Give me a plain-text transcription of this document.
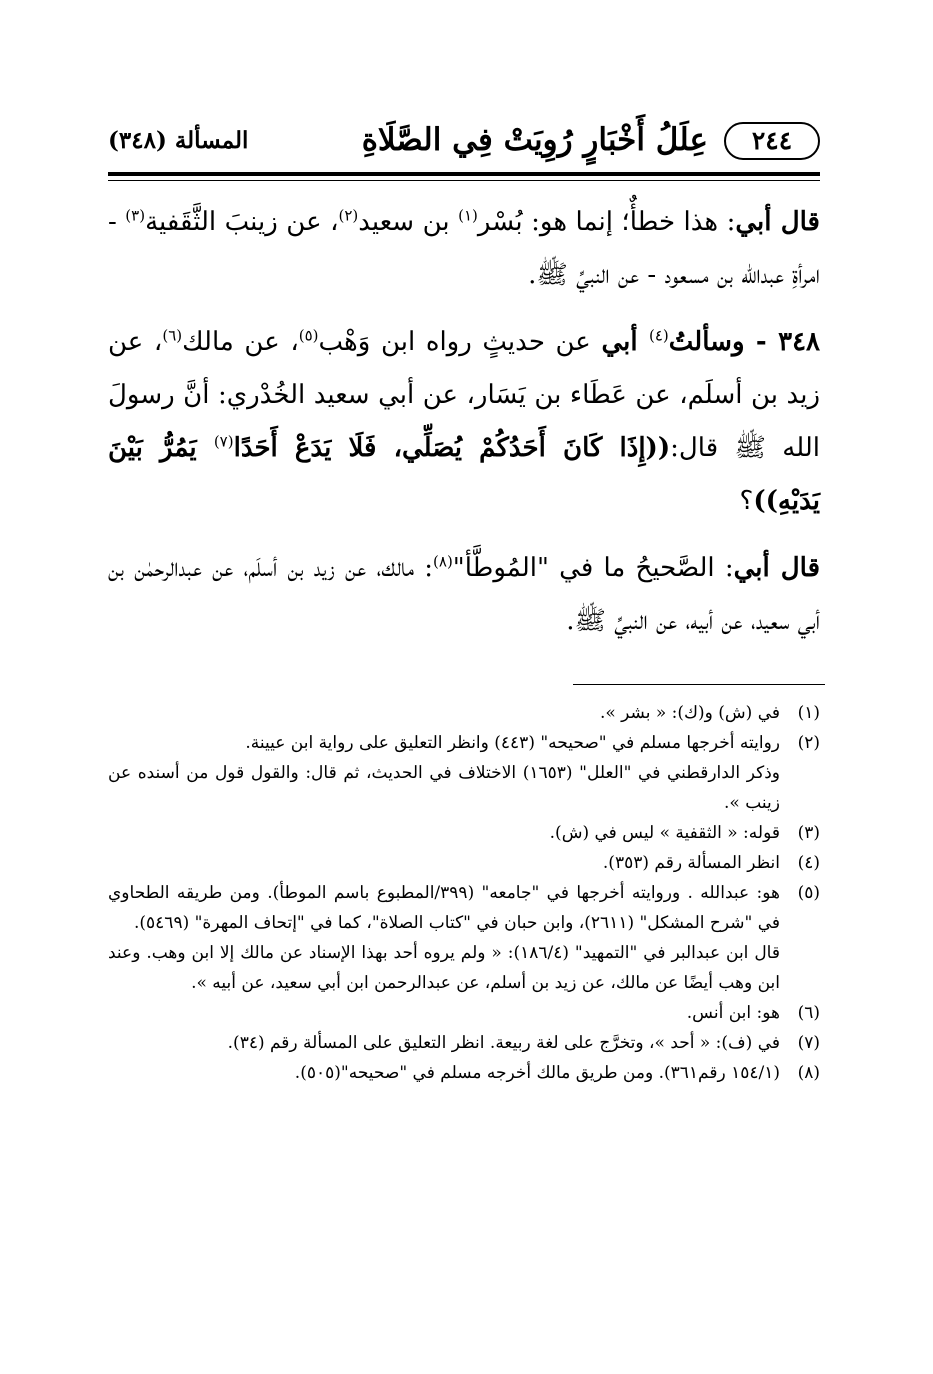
٢٤٤
عِلَلُ أَخْبَارٍ رُوِيَتْ فِي الصَّلَاةِ
المسألة (٣٤٨)

قال أبي: هذا خطأٌ؛ إنما هو: بُسْر$^{(١)}$ بن سعيد$^{(٢)}$، عن زينبَ الثَّقَفية$^{(٣)}$ - امرأةِ عبدالله بن مسعود - عن النبيِّ ﷺ.

٣٤٨ - وسألتُ$^{(٤)}$ أبي عن حديثٍ رواه ابن وَهْب$^{(٥)}$، عن مالك$^{(٦)}$، عن زيد بن أسلَم، عن عَطَاء بن يَسَار، عن أبي سعيد الخُدْري: أنَّ رسولَ الله ﷺ قال:((إِذَا كَانَ أَحَدُكُمْ يُصَلِّي، فَلَا يَدَعْ أَحَدًا$^{(٧)}$ يَمُرُّ بَيْنَ يَدَيْهِ))؟

قال أبي: الصَّحيحُ ما في "المُوطَّأ"$^{(٨)}$: مالك، عن زيد بن أسلَم، عن عبدالرحمٰن بن أبي سعيد، عن أبيه، عن النبيِّ ﷺ.

(١)
في (ش) و(ك): « بشر ».
(٢)
روايته أخرجها مسلم في "صحيحه" (٤٤٣) وانظر التعليق على رواية ابن عيينة.
وذكر الدارقطني في "العلل" (١٦٥٣) الاختلاف في الحديث، ثم قال: والقول قول من أسنده عن زينب ».
(٣)
قوله: « الثقفية » ليس في (ش).
(٤)
انظر المسألة رقم (٣٥٣).
(٥)
هو: عبدالله . وروايته أخرجها في "جامعه" (٣٩٩/المطبوع باسم الموطأ). ومن طريقه الطحاوي في "شرح المشكل" (٢٦١١)، وابن حبان في "كتاب الصلاة"، كما في "إتحاف المهرة" (٥٤٦٩).
قال ابن عبدالبر في "التمهيد" (١٨٦/٤): « ولم يروه أحد بهذا الإسناد عن مالك إلا ابن وهب. وعند ابن وهب أيضًا عن مالك، عن زيد بن أسلم، عن عبدالرحمن ابن أبي سعيد، عن أبيه ».
(٦)
هو: ابن أنس.
(٧)
في (ف): « أحد »، وتخرَّج على لغة ربيعة. انظر التعليق على المسألة رقم (٣٤).
(٨)
(١٥٤/١ رقم٣٦١). ومن طريق مالك أخرجه مسلم في "صحيحه"(٥٠٥).
